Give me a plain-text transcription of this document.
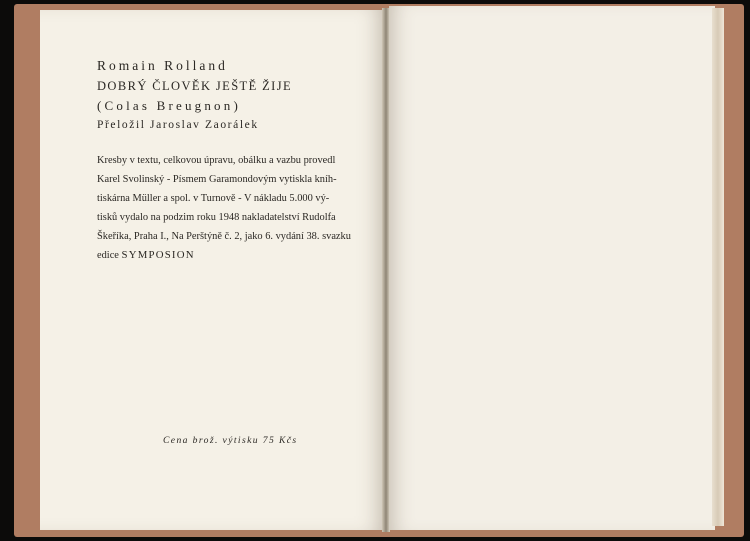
Romain Rolland

DOBRÝ ČLOVĚK JEŠTĚ ŽIJE

(Colas Breugnon)

Přeložil Jaroslav Zaorálek

Kresby v textu, celkovou úpravu, obálku a vazbu provedl
Karel Svolinský - Písmem Garamondovým vytiskla kníh-
tiskárna Müller a spol. v Turnově - V nákladu 5.000 vý-
tisků vydalo na podzim roku 1948 nakladatelství Rudolfa
Škeříka, Praha I., Na Perštýně č. 2, jako 6. vydání 38. svazku
edice SYMPOSION
Cena brož. výtisku 75 Kčs
